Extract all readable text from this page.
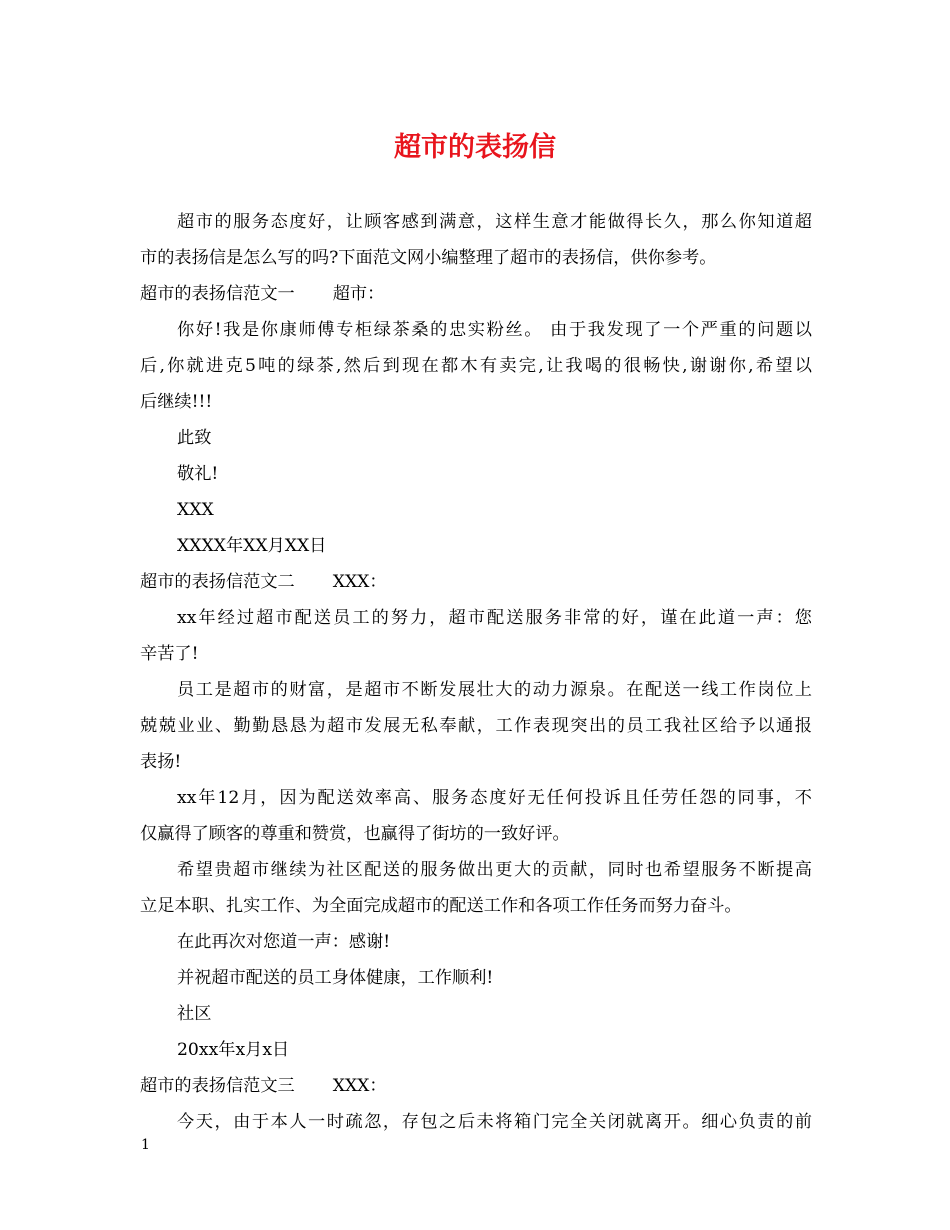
超市的表扬信
超市的服务态度好，让顾客感到满意，这样生意才能做得长久，那么你知道超
市的表扬信是怎么写的吗?下面范文网小编整理了超市的表扬信，供你参考。
超市的表扬信范文一 超市：
你好!我是你康师傅专柜绿茶桑的忠实粉丝。 由于我发现了一个严重的问题以
后,你就进克5吨的绿茶,然后到现在都木有卖完,让我喝的很畅快,谢谢你,希望以
后继续!!!
此致
敬礼!
XXX
XXXX年XX月XX日
超市的表扬信范文二 XXX：
xx年经过超市配送员工的努力，超市配送服务非常的好，谨在此道一声：您
辛苦了!
员工是超市的财富，是超市不断发展壮大的动力源泉。在配送一线工作岗位上
兢兢业业、勤勤恳恳为超市发展无私奉献，工作表现突出的员工我社区给予以通报
表扬!
xx年12月，因为配送效率高、服务态度好无任何投诉且任劳任怨的同事，不
仅赢得了顾客的尊重和赞赏，也赢得了街坊的一致好评。
希望贵超市继续为社区配送的服务做出更大的贡献，同时也希望服务不断提高
立足本职、扎实工作、为全面完成超市的配送工作和各项工作任务而努力奋斗。
在此再次对您道一声：感谢!
并祝超市配送的员工身体健康，工作顺利!
社区
20xx年x月x日
超市的表扬信范文三 XXX：
今天，由于本人一时疏忽，存包之后未将箱门完全关闭就离开。细心负责的前
1
